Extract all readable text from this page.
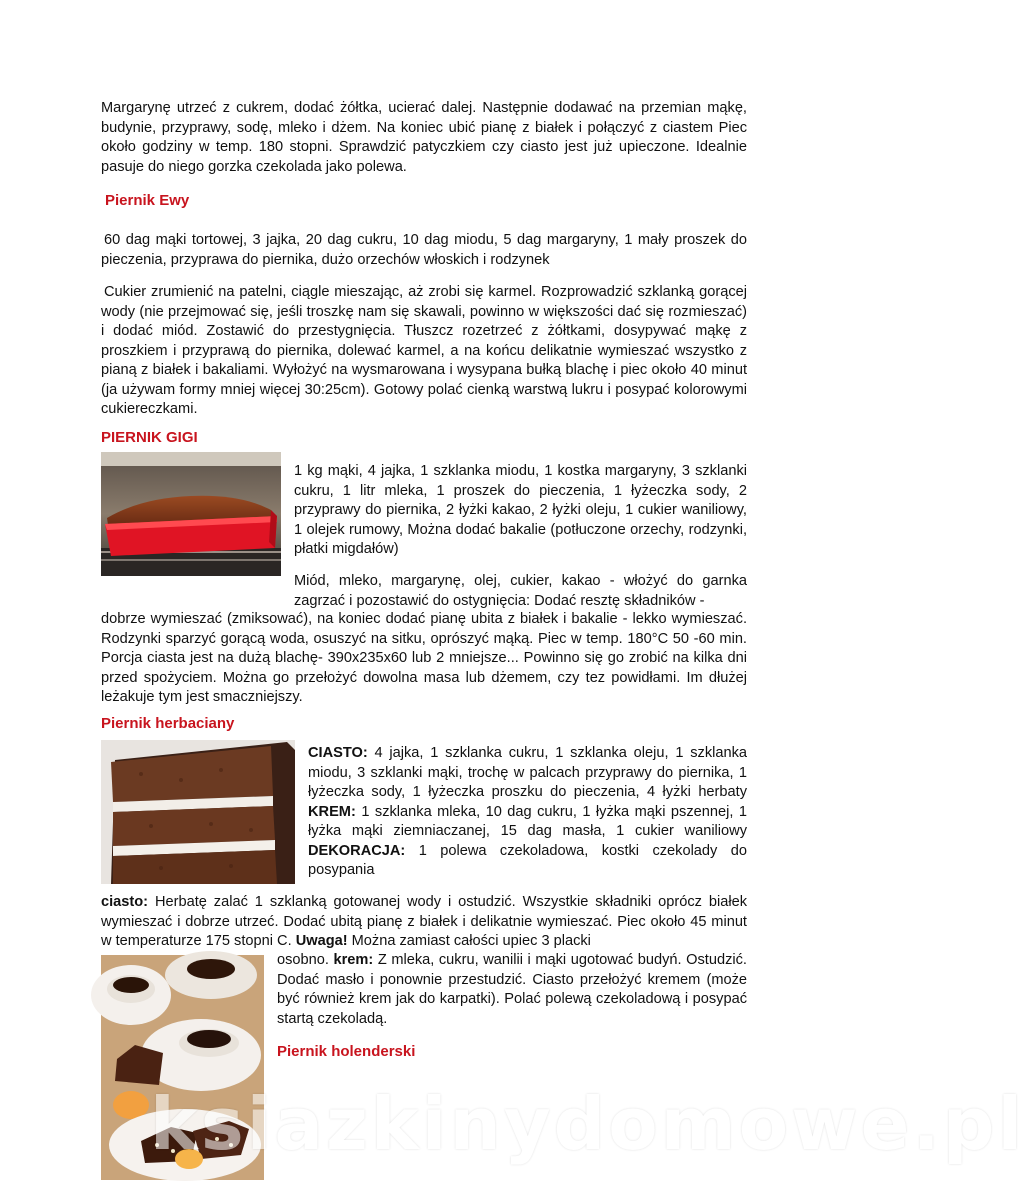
Margarynę utrzeć z cukrem, dodać żółtka, ucierać dalej. Następnie dodawać na przemian mąkę, budynie, przyprawy, sodę, mleko i dżem. Na koniec ubić pianę z białek i połączyć z ciastem Piec około godziny w temp. 180 stopni. Sprawdzić patyczkiem czy ciasto jest już upieczone. Idealnie pasuje do niego gorzka czekolada jako polewa.

Piernik Ewy

60 dag mąki tortowej, 3 jajka, 20 dag cukru, 10 dag miodu, 5 dag margaryny, 1 mały proszek do pieczenia, przyprawa do piernika, dużo orzechów włoskich i rodzynek

Cukier zrumienić na patelni, ciągle mieszając, aż zrobi się karmel. Rozprowadzić szklanką gorącej wody (nie przejmować się, jeśli troszkę nam się skawali, powinno w większości dać się rozmieszać) i dodać miód. Zostawić do przestygnięcia. Tłuszcz rozetrzeć z żółtkami, dosypywać mąkę z proszkiem i przyprawą do piernika, dolewać karmel, a na końcu delikatnie wymieszać wszystko z pianą z białek i bakaliami. Wyłożyć na wysmarowana i wysypana bułką blachę i piec około 40 minut (ja używam formy mniej więcej 30:25cm). Gotowy polać cienką warstwą lukru i posypać kolorowymi cukiereczkami.

PIERNIK GIGI

1 kg mąki, 4 jajka, 1 szklanka miodu, 1 kostka margaryny, 3 szklanki cukru, 1 litr mleka, 1 proszek do pieczenia, 1 łyżeczka sody, 2 przyprawy do piernika, 2 łyżki kakao, 2 łyżki oleju, 1 cukier waniliowy, 1 olejek rumowy, Można dodać bakalie (potłuczone orzechy, rodzynki, płatki migdałów)

Miód, mleko, margarynę, olej, cukier, kakao - włożyć do garnka zagrzać i pozostawić do ostygnięcia: Dodać resztę składników -

dobrze wymieszać (zmiksować), na koniec dodać pianę ubita z białek i bakalie - lekko wymieszać. Rodzynki sparzyć gorącą woda, osuszyć na sitku, oprószyć mąką. Piec w temp. 180°C 50 -60 min. Porcja ciasta jest na dużą blachę- 390x235x60 lub 2 mniejsze... Powinno się go zrobić na kilka dni przed spożyciem. Można go przełożyć dowolna masa lub dżemem, czy tez powidłami. Im dłużej leżakuje tym jest smaczniejszy.

Piernik herbaciany

CIASTO: 4 jajka, 1 szklanka cukru, 1 szklanka oleju, 1 szklanka miodu, 3 szklanki mąki, trochę w palcach przyprawy do piernika, 1 łyżeczka sody, 1 łyżeczka proszku do pieczenia, 4 łyżki herbaty KREM: 1 szklanka mleka, 10 dag cukru, 1 łyżka mąki pszennej, 1 łyżka mąki ziemniaczanej, 15 dag masła, 1 cukier waniliowy DEKORACJA: 1 polewa czekoladowa, kostki czekolady do posypania

ciasto: Herbatę zalać 1 szklanką gotowanej wody i ostudzić. Wszystkie składniki oprócz białek wymieszać i dobrze utrzeć. Dodać ubitą pianę z białek i delikatnie wymieszać. Piec około 45 minut w temperaturze 175 stopni C. Uwaga! Można zamiast całości upiec 3 placki

osobno. krem: Z mleka, cukru, wanilii i mąki ugotować budyń. Ostudzić. Dodać masło i ponownie przestudzić. Ciasto przełożyć kremem (może być również krem jak do karpatki). Polać polewą czekoladową i posypać startą czekoladą.

Piernik holenderski

ksiazkinydomowe.pl
